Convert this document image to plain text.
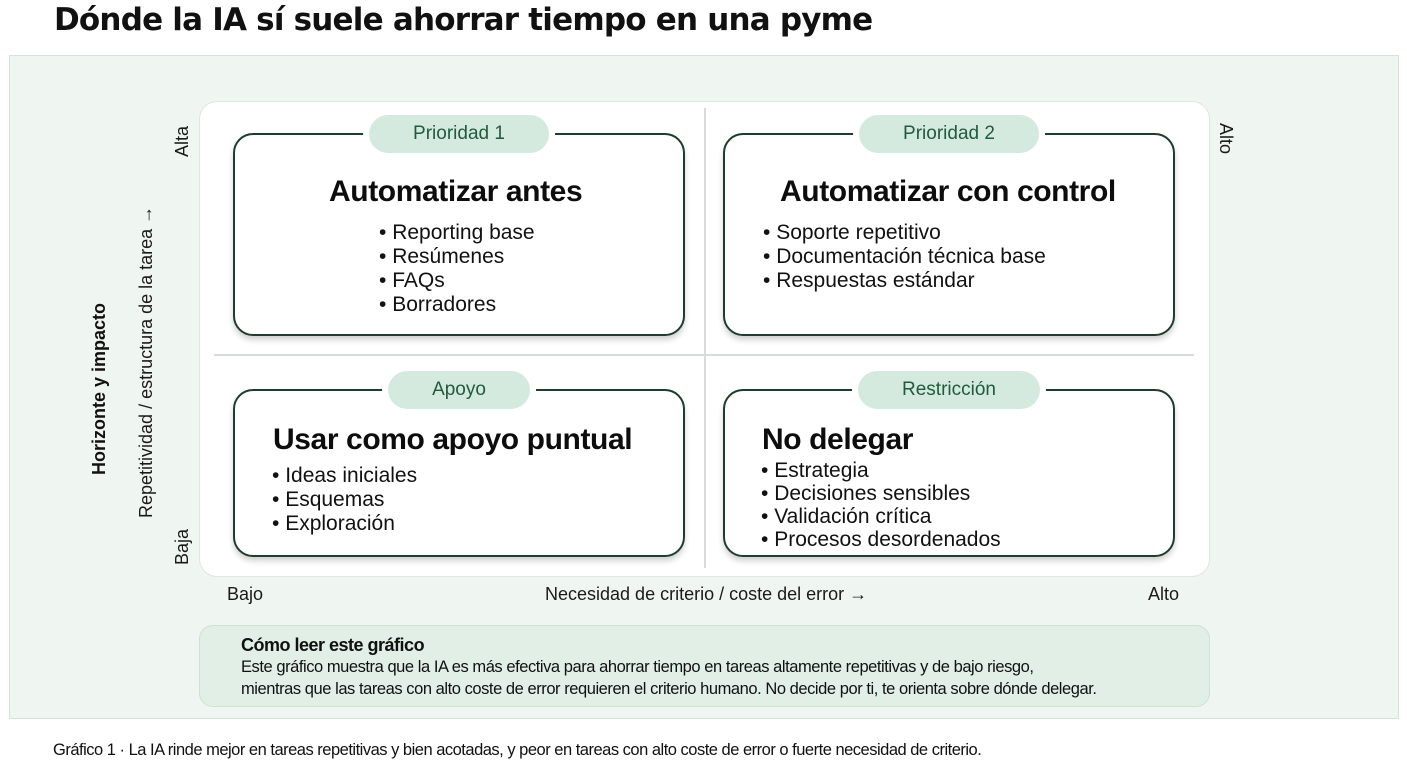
Dónde la IA sí suele ahorrar tiempo en una pyme
Alta
Baja
Horizonte y impacto Repetitividad / estructura de la tarea →
Alto
Prioridad 1
Automatizar antes
• Reporting base
• Resúmenes
• FAQs
• Borradores
Prioridad 2
Automatizar con control
• Soporte repetitivo
• Documentación técnica base
• Respuestas estándar
Apoyo
Usar como apoyo puntual
• Ideas iniciales
• Esquemas
• Exploración
Restricción
No delegar
• Estrategia
• Decisiones sensibles
• Validación crítica
• Procesos desordenados
Bajo	Necesidad de criterio / coste del error →	Alto
Cómo leer este gráfico
Este gráfico muestra que la IA es más efectiva para ahorrar tiempo en tareas altamente repetitivas y de bajo riesgo,
mientras que las tareas con alto coste de error requieren el criterio humano. No decide por ti, te orienta sobre dónde delegar.
Gráfico 1 · La IA rinde mejor en tareas repetitivas y bien acotadas, y peor en tareas con alto coste de error o fuerte necesidad de criterio.
